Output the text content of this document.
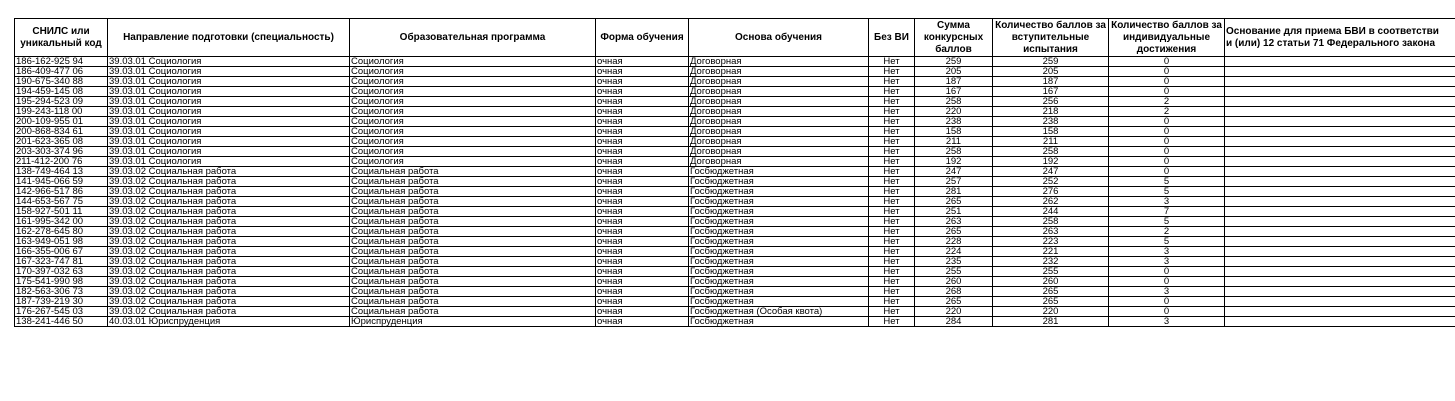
СНИЛС или уникальный код	Направление подготовки (специальность)	Образовательная программа	Форма обучения	Основа обучения	Без ВИ	Сумма конкурсных баллов	Количество баллов за вступительные испытания	Количество баллов за индивидуальные достижения	Основание для приема БВИ в соответстви
и (или) 12 статьи 71 Федерального закона
186-162-925 94	39.03.01 Социология	Социология	очная	Договорная	Нет	259	259	0	
186-409-477 06	39.03.01 Социология	Социология	очная	Договорная	Нет	205	205	0	
190-675-340 88	39.03.01 Социология	Социология	очная	Договорная	Нет	187	187	0	
194-459-145 08	39.03.01 Социология	Социология	очная	Договорная	Нет	167	167	0	
195-294-523 09	39.03.01 Социология	Социология	очная	Договорная	Нет	258	256	2	
199-243-118 00	39.03.01 Социология	Социология	очная	Договорная	Нет	220	218	2	
200-109-955 01	39.03.01 Социология	Социология	очная	Договорная	Нет	238	238	0	
200-868-834 61	39.03.01 Социология	Социология	очная	Договорная	Нет	158	158	0	
201-623-365 08	39.03.01 Социология	Социология	очная	Договорная	Нет	211	211	0	
203-303-374 96	39.03.01 Социология	Социология	очная	Договорная	Нет	258	258	0	
211-412-200 76	39.03.01 Социология	Социология	очная	Договорная	Нет	192	192	0	
138-749-464 13	39.03.02 Социальная работа	Социальная работа	очная	Госбюджетная	Нет	247	247	0	
141-945-066 59	39.03.02 Социальная работа	Социальная работа	очная	Госбюджетная	Нет	257	252	5	
142-966-517 86	39.03.02 Социальная работа	Социальная работа	очная	Госбюджетная	Нет	281	276	5	
144-653-567 75	39.03.02 Социальная работа	Социальная работа	очная	Госбюджетная	Нет	265	262	3	
158-927-501 11	39.03.02 Социальная работа	Социальная работа	очная	Госбюджетная	Нет	251	244	7	
161-995-342 00	39.03.02 Социальная работа	Социальная работа	очная	Госбюджетная	Нет	263	258	5	
162-278-645 80	39.03.02 Социальная работа	Социальная работа	очная	Госбюджетная	Нет	265	263	2	
163-949-051 98	39.03.02 Социальная работа	Социальная работа	очная	Госбюджетная	Нет	228	223	5	
166-355-006 67	39.03.02 Социальная работа	Социальная работа	очная	Госбюджетная	Нет	224	221	3	
167-323-747 81	39.03.02 Социальная работа	Социальная работа	очная	Госбюджетная	Нет	235	232	3	
170-397-032 63	39.03.02 Социальная работа	Социальная работа	очная	Госбюджетная	Нет	255	255	0	
175-541-990 98	39.03.02 Социальная работа	Социальная работа	очная	Госбюджетная	Нет	260	260	0	
182-563-306 73	39.03.02 Социальная работа	Социальная работа	очная	Госбюджетная	Нет	268	265	3	
187-739-219 30	39.03.02 Социальная работа	Социальная работа	очная	Госбюджетная	Нет	265	265	0	
176-267-545 03	39.03.02 Социальная работа	Социальная работа	очная	Госбюджетная (Особая квота)	Нет	220	220	0	
138-241-446 50	40.03.01 Юриспруденция	Юриспруденция	очная	Госбюджетная	Нет	284	281	3	
